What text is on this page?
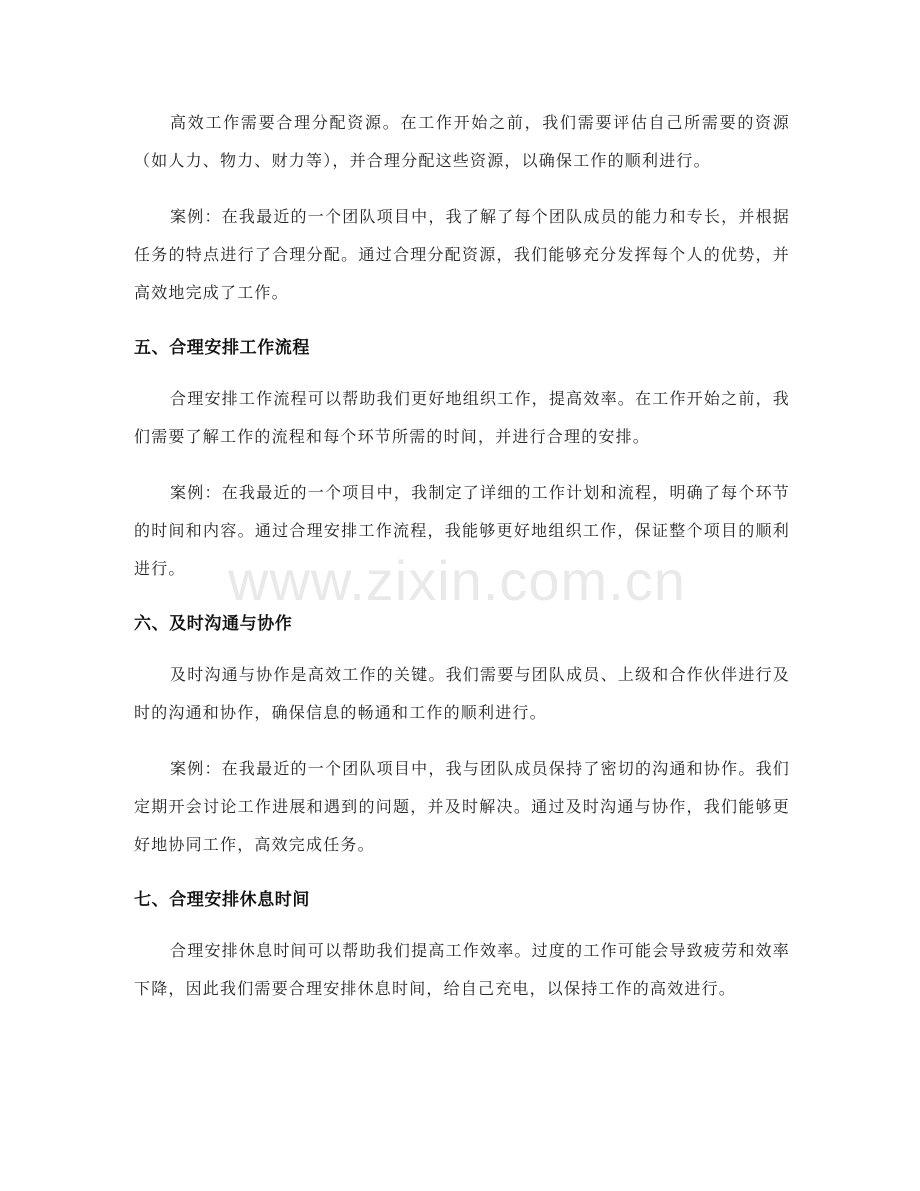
高效工作需要合理分配资源。在工作开始之前，我们需要评估自己所需要的资源（如人力、物力、财力等），并合理分配这些资源，以确保工作的顺利进行。

案例：在我最近的一个团队项目中，我了解了每个团队成员的能力和专长，并根据任务的特点进行了合理分配。通过合理分配资源，我们能够充分发挥每个人的优势，并高效地完成了工作。

五、合理安排工作流程

合理安排工作流程可以帮助我们更好地组织工作，提高效率。在工作开始之前，我们需要了解工作的流程和每个环节所需的时间，并进行合理的安排。

案例：在我最近的一个项目中，我制定了详细的工作计划和流程，明确了每个环节的时间和内容。通过合理安排工作流程，我能够更好地组织工作，保证整个项目的顺利进行。

六、及时沟通与协作

及时沟通与协作是高效工作的关键。我们需要与团队成员、上级和合作伙伴进行及时的沟通和协作，确保信息的畅通和工作的顺利进行。

案例：在我最近的一个团队项目中，我与团队成员保持了密切的沟通和协作。我们定期开会讨论工作进展和遇到的问题，并及时解决。通过及时沟通与协作，我们能够更好地协同工作，高效完成任务。

七、合理安排休息时间

合理安排休息时间可以帮助我们提高工作效率。过度的工作可能会导致疲劳和效率下降，因此我们需要合理安排休息时间，给自己充电，以保持工作的高效进行。

www.zixin.com.cn
